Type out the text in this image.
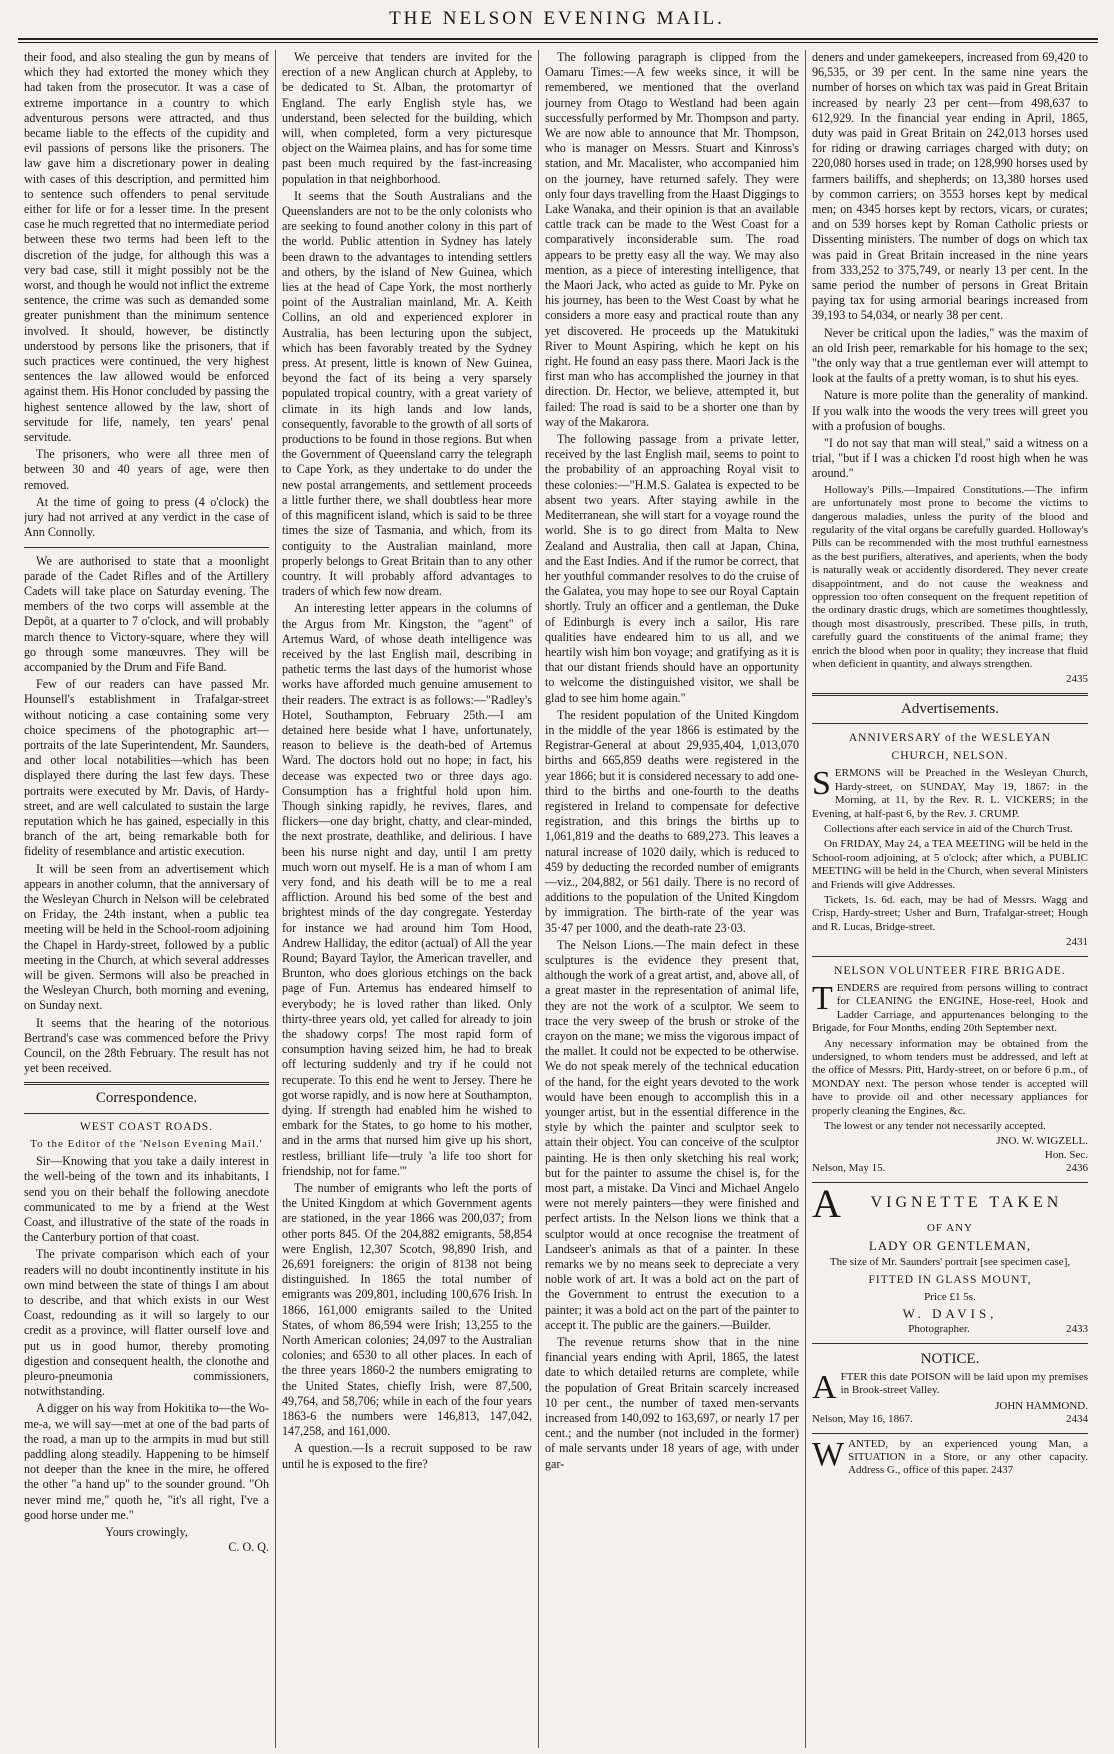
THE NELSON EVENING MAIL.

their food, and also stealing the gun by means of which they had extorted the money which they had taken from the prosecutor. It was a case of extreme importance in a country to which adventurous persons were attracted, and thus became liable to the effects of the cupidity and evil passions of persons like the prisoners. The law gave him a discretionary power in dealing with cases of this description, and permitted him to sentence such offenders to penal servitude either for life or for a lesser time. In the present case he much regretted that no intermediate period between these two terms had been left to the discretion of the judge, for although this was a very bad case, still it might possibly not be the worst, and though he would not inflict the extreme sentence, the crime was such as demanded some greater punishment than the minimum sentence involved. It should, however, be distinctly understood by persons like the prisoners, that if such practices were continued, the very highest sentences the law allowed would be enforced against them. His Honor concluded by passing the highest sentence allowed by the law, short of servitude for life, namely, ten years' penal servitude.

The prisoners, who were all three men of between 30 and 40 years of age, were then removed.

At the time of going to press (4 o'clock) the jury had not arrived at any verdict in the case of Ann Connolly.

We are authorised to state that a moonlight parade of the Cadet Rifles and of the Artillery Cadets will take place on Saturday evening. The members of the two corps will assemble at the Depôt, at a quarter to 7 o'clock, and will probably march thence to Victory-square, where they will go through some manœuvres. They will be accompanied by the Drum and Fife Band.

Few of our readers can have passed Mr. Hounsell's establishment in Trafalgar-street without noticing a case containing some very choice specimens of the photographic art—portraits of the late Superintendent, Mr. Saunders, and other local notabilities—which has been displayed there during the last few days. These portraits were executed by Mr. Davis, of Hardy-street, and are well calculated to sustain the large reputation which he has gained, especially in this branch of the art, being remarkable both for fidelity of resemblance and artistic execution.

It will be seen from an advertisement which appears in another column, that the anniversary of the Wesleyan Church in Nelson will be celebrated on Friday, the 24th instant, when a public tea meeting will be held in the School-room adjoining the Chapel in Hardy-street, followed by a public meeting in the Church, at which several addresses will be given. Sermons will also be preached in the Wesleyan Church, both morning and evening, on Sunday next.

It seems that the hearing of the notorious Bertrand's case was commenced before the Privy Council, on the 28th February. The result has not yet been received.

Correspondence.
WEST COAST ROADS.
To the Editor of the 'Nelson Evening Mail.'

Sir—Knowing that you take a daily interest in the well-being of the town and its inhabitants, I send you on their behalf the following anecdote communicated to me by a friend at the West Coast, and illustrative of the state of the roads in the Canterbury portion of that coast.

The private comparison which each of your readers will no doubt incontinently institute in his own mind between the state of things I am about to describe, and that which exists in our West Coast, redounding as it will so largely to our credit as a province, will flatter ourself love and put us in good humor, thereby promoting digestion and consequent health, the clonothe and pleuro-pneumonia commissioners, notwithstanding.

A digger on his way from Hokitika to—the Wo-me-a, we will say—met at one of the bad parts of the road, a man up to the armpits in mud but still paddling along steadily. Happening to be himself not deeper than the knee in the mire, he offered the other "a hand up" to the sounder ground. "Oh never mind me," quoth he, "it's all right, I've a good horse under me."

Yours crowingly,
C. O. Q.

We perceive that tenders are invited for the erection of a new Anglican church at Appleby, to be dedicated to St. Alban, the protomartyr of England. The early English style has, we understand, been selected for the building, which will, when completed, form a very picturesque object on the Waimea plains, and has for some time past been much required by the fast-increasing population in that neighborhood.

It seems that the South Australians and the Queenslanders are not to be the only colonists who are seeking to found another colony in this part of the world. Public attention in Sydney has lately been drawn to the advantages to intending settlers and others, by the island of New Guinea, which lies at the head of Cape York, the most northerly point of the Australian mainland, Mr. A. Keith Collins, an old and experienced explorer in Australia, has been lecturing upon the subject, which has been favorably treated by the Sydney press. At present, little is known of New Guinea, beyond the fact of its being a very sparsely populated tropical country, with a great variety of climate in its high lands and low lands, consequently, favorable to the growth of all sorts of productions to be found in those regions. But when the Government of Queensland carry the telegraph to Cape York, as they undertake to do under the new postal arrangements, and settlement proceeds a little further there, we shall doubtless hear more of this magnificent island, which is said to be three times the size of Tasmania, and which, from its contiguity to the Australian mainland, more properly belongs to Great Britain than to any other country. It will probably afford advantages to traders of which few now dream.

An interesting letter appears in the columns of the Argus from Mr. Kingston, the "agent" of Artemus Ward, of whose death intelligence was received by the last English mail, describing in pathetic terms the last days of the humorist whose works have afforded much genuine amusement to their readers. The extract is as follows:—"Radley's Hotel, Southampton, February 25th.—I am detained here beside what I have, unfortunately, reason to believe is the death-bed of Artemus Ward. The doctors hold out no hope; in fact, his decease was expected two or three days ago. Consumption has a frightful hold upon him. Though sinking rapidly, he revives, flares, and flickers—one day bright, chatty, and clear-minded, the next prostrate, deathlike, and delirious. I have been his nurse night and day, until I am pretty much worn out myself. He is a man of whom I am very fond, and his death will be to me a real affliction. Around his bed some of the best and brightest minds of the day congregate. Yesterday for instance we had around him Tom Hood, Andrew Halliday, the editor (actual) of All the year Round; Bayard Taylor, the American traveller, and Brunton, who does glorious etchings on the back page of Fun. Artemus has endeared himself to everybody; he is loved rather than liked. Only thirty-three years old, yet called for already to join the shadowy corps! The most rapid form of consumption having seized him, he had to break off lecturing suddenly and try if he could not recuperate. To this end he went to Jersey. There he got worse rapidly, and is now here at Southampton, dying. If strength had enabled him he wished to embark for the States, to go home to his mother, and in the arms that nursed him give up his short, restless, brilliant life—truly 'a life too short for friendship, not for fame.'"

The number of emigrants who left the ports of the United Kingdom at which Government agents are stationed, in the year 1866 was 200,037; from other ports 845. Of the 204,882 emigrants, 58,854 were English, 12,307 Scotch, 98,890 Irish, and 26,691 foreigners: the origin of 8138 not being distinguished. In 1865 the total number of emigrants was 209,801, including 100,676 Irish. In 1866, 161,000 emigrants sailed to the United States, of whom 86,594 were Irish; 13,255 to the North American colonies; 24,097 to the Australian colonies; and 6530 to all other places. In each of the three years 1860-2 the numbers emigrating to the United States, chiefly Irish, were 87,500, 49,764, and 58,706; while in each of the four years 1863-6 the numbers were 146,813, 147,042, 147,258, and 161,000.

A question.—Is a recruit supposed to be raw until he is exposed to the fire?

The following paragraph is clipped from the Oamaru Times:—A few weeks since, it will be remembered, we mentioned that the overland journey from Otago to Westland had been again successfully performed by Mr. Thompson and party. We are now able to announce that Mr. Thompson, who is manager on Messrs. Stuart and Kinross's station, and Mr. Macalister, who accompanied him on the journey, have returned safely. They were only four days travelling from the Haast Diggings to Lake Wanaka, and their opinion is that an available cattle track can be made to the West Coast for a comparatively inconsiderable sum. The road appears to be pretty easy all the way. We may also mention, as a piece of interesting intelligence, that the Maori Jack, who acted as guide to Mr. Pyke on his journey, has been to the West Coast by what he considers a more easy and practical route than any yet discovered. He proceeds up the Matukituki River to Mount Aspiring, which he kept on his right. He found an easy pass there. Maori Jack is the first man who has accomplished the journey in that direction. Dr. Hector, we believe, attempted it, but failed: The road is said to be a shorter one than by way of the Makarora.

The following passage from a private letter, received by the last English mail, seems to point to the probability of an approaching Royal visit to these colonies:—"H.M.S. Galatea is expected to be absent two years. After staying awhile in the Mediterranean, she will start for a voyage round the world. She is to go direct from Malta to New Zealand and Australia, then call at Japan, China, and the East Indies. And if the rumor be correct, that her youthful commander resolves to do the cruise of the Galatea, you may hope to see our Royal Captain shortly. Truly an officer and a gentleman, the Duke of Edinburgh is every inch a sailor, His rare qualities have endeared him to us all, and we heartily wish him bon voyage; and gratifying as it is that our distant friends should have an opportunity to welcome the distinguished visitor, we shall be glad to see him home again."

The resident population of the United Kingdom in the middle of the year 1866 is estimated by the Registrar-General at about 29,935,404, 1,013,070 births and 665,859 deaths were registered in the year 1866; but it is considered necessary to add one-third to the births and one-fourth to the deaths registered in Ireland to compensate for defective registration, and this brings the births up to 1,061,819 and the deaths to 689,273. This leaves a natural increase of 1020 daily, which is reduced to 459 by deducting the recorded number of emigrants—viz., 204,882, or 561 daily. There is no record of additions to the population of the United Kingdom by immigration. The birth-rate of the year was 35·47 per 1000, and the death-rate 23·03.

The Nelson Lions.—The main defect in these sculptures is the evidence they present that, although the work of a great artist, and, above all, of a great master in the representation of animal life, they are not the work of a sculptor. We seem to trace the very sweep of the brush or stroke of the crayon on the mane; we miss the vigorous impact of the mallet. It could not be expected to be otherwise. We do not speak merely of the technical education of the hand, for the eight years devoted to the work would have been enough to accomplish this in a younger artist, but in the essential difference in the style by which the painter and sculptor seek to attain their object. You can conceive of the sculptor painting. He is then only sketching his real work; but for the painter to assume the chisel is, for the most part, a mistake. Da Vinci and Michael Angelo were not merely painters—they were finished and perfect artists. In the Nelson lions we think that a sculptor would at once recognise the treatment of Landseer's animals as that of a painter. In these remarks we by no means seek to depreciate a very noble work of art. It was a bold act on the part of the Government to entrust the execution to a painter; it was a bold act on the part of the painter to accept it. The public are the gainers.—Builder.

The revenue returns show that in the nine financial years ending with April, 1865, the latest date to which detailed returns are complete, while the population of Great Britain scarcely increased 10 per cent., the number of taxed men-servants increased from 140,092 to 163,697, or nearly 17 per cent.; and the number (not included in the former) of male servants under 18 years of age, with under gar-

deners and under gamekeepers, increased from 69,420 to 96,535, or 39 per cent. In the same nine years the number of horses on which tax was paid in Great Britain increased by nearly 23 per cent—from 498,637 to 612,929. In the financial year ending in April, 1865, duty was paid in Great Britain on 242,013 horses used for riding or drawing carriages charged with duty; on 220,080 horses used in trade; on 128,990 horses used by farmers bailiffs, and shepherds; on 13,380 horses used by common carriers; on 3553 horses kept by medical men; on 4345 horses kept by rectors, vicars, or curates; and on 539 horses kept by Roman Catholic priests or Dissenting ministers. The number of dogs on which tax was paid in Great Britain increased in the nine years from 333,252 to 375,749, or nearly 13 per cent. In the same period the number of persons in Great Britain paying tax for using armorial bearings increased from 39,193 to 54,034, or nearly 38 per cent.

Never be critical upon the ladies," was the maxim of an old Irish peer, remarkable for his homage to the sex; "the only way that a true gentleman ever will attempt to look at the faults of a pretty woman, is to shut his eyes.

Nature is more polite than the generality of mankind. If you walk into the woods the very trees will greet you with a profusion of boughs.

"I do not say that man will steal," said a witness on a trial, "but if I was a chicken I'd roost high when he was around."

Holloway's Pills.—Impaired Constitutions.—The infirm are unfortunately most prone to become the victims to dangerous maladies, unless the purity of the blood and regularity of the vital organs be carefully guarded. Holloway's Pills can be recommended with the most truthful earnestness as the best purifiers, alteratives, and aperients, when the body is naturally weak or accidently disordered. They never create disappointment, and do not cause the weakness and oppression too often consequent on the frequent repetition of the ordinary drastic drugs, which are sometimes thoughtlessly, though most disastrously, prescribed. These pills, in truth, carefully guard the constituents of the animal frame; they enrich the blood when poor in quality; they increase that fluid when deficient in quantity, and always strengthen.

2435
Advertisements.
ANNIVERSARY of the WESLEYAN
CHURCH, NELSON.

SERMONS will be Preached in the Wesleyan Church, Hardy-street, on SUNDAY, May 19, 1867: in the Morning, at 11, by the Rev. R. L. VICKERS; in the Evening, at half-past 6, by the Rev. J. CRUMP.

Collections after each service in aid of the Church Trust.

On FRIDAY, May 24, a TEA MEETING will be held in the School-room adjoining, at 5 o'clock; after which, a PUBLIC MEETING will be held in the Church, when several Ministers and Friends will give Addresses.

Tickets, 1s. 6d. each, may be had of Messrs. Wagg and Crisp, Hardy-street; Usher and Burn, Trafalgar-street; Hough and R. Lucas, Bridge-street.

2431
NELSON VOLUNTEER FIRE BRIGADE.

TENDERS are required from persons willing to contract for CLEANING the ENGINE, Hose-reel, Hook and Ladder Carriage, and appurtenances belonging to the Brigade, for Four Months, ending 20th September next.

Any necessary information may be obtained from the undersigned, to whom tenders must be addressed, and left at the office of Messrs. Pitt, Hardy-street, on or before 6 p.m., of MONDAY next. The person whose tender is accepted will have to provide oil and other necessary appliances for properly cleaning the Engines, &c.

The lowest or any tender not necessarily accepted.

JNO. W. WIGZELL.
Hon. Sec.
Nelson, May 15.	2436
A	VIGNETTE TAKEN
OF ANY
LADY OR GENTLEMAN,
The size of Mr. Saunders' portrait [see specimen case],
FITTED IN GLASS MOUNT,
Price £1 5s.
W. DAVIS,
Photographer.	2433
NOTICE.

AFTER this date POISON will be laid upon my premises in Brook-street Valley.

JOHN HAMMOND.
Nelson, May 16, 1867.	2434

WANTED, by an experienced young Man, a SITUATION in a Store, or any other capacity. Address G., office of this paper. 2437
